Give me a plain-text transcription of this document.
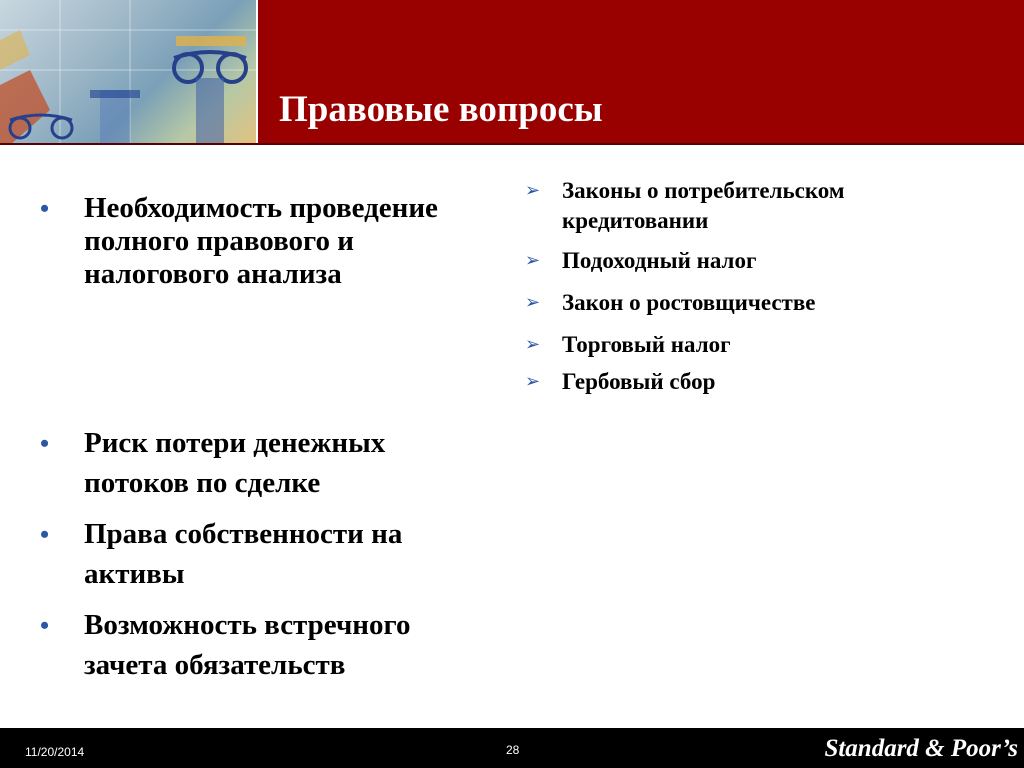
Правовые вопросы
• Необходимость проведение полного правового и налогового анализа
• Риск потери денежных
потоков по сделке
• Права собственности на
активы
• Возможность встречного
зачета обязательств
➢ Законы о потребительском кредитовании
➢ Подоходный налог
➢ Закон о ростовщичестве
➢ Торговый налог
➢ Гербовый сбор
11/20/2014	28	Standard & Poor’s
